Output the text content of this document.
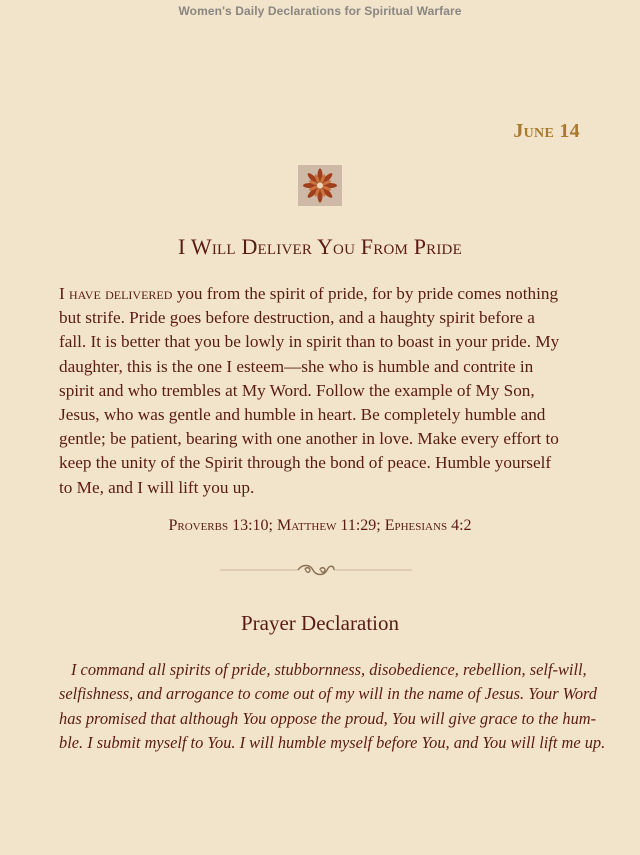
Women's Daily Declarations for Spiritual Warfare
June 14
I Will Deliver You From Pride
I have delivered you from the spirit of pride, for by pride comes nothing
but strife. Pride goes before destruction, and a haughty spirit before a
fall. It is better that you be lowly in spirit than to boast in your pride. My
daughter, this is the one I esteem—she who is humble and contrite in
spirit and who trembles at My Word. Follow the example of My Son,
Jesus, who was gentle and humble in heart. Be completely humble and
gentle; be patient, bearing with one another in love. Make every effort to
keep the unity of the Spirit through the bond of peace. Humble yourself
to Me, and I will lift you up.
Proverbs 13:10; Matthew 11:29; Ephesians 4:2
Prayer Declaration
I command all spirits of pride, stubbornness, disobedience, rebellion, self-will,
selfishness, and arrogance to come out of my will in the name of Jesus. Your Word
has promised that although You oppose the proud, You will give grace to the hum-
ble. I submit myself to You. I will humble myself before You, and You will lift me up.
